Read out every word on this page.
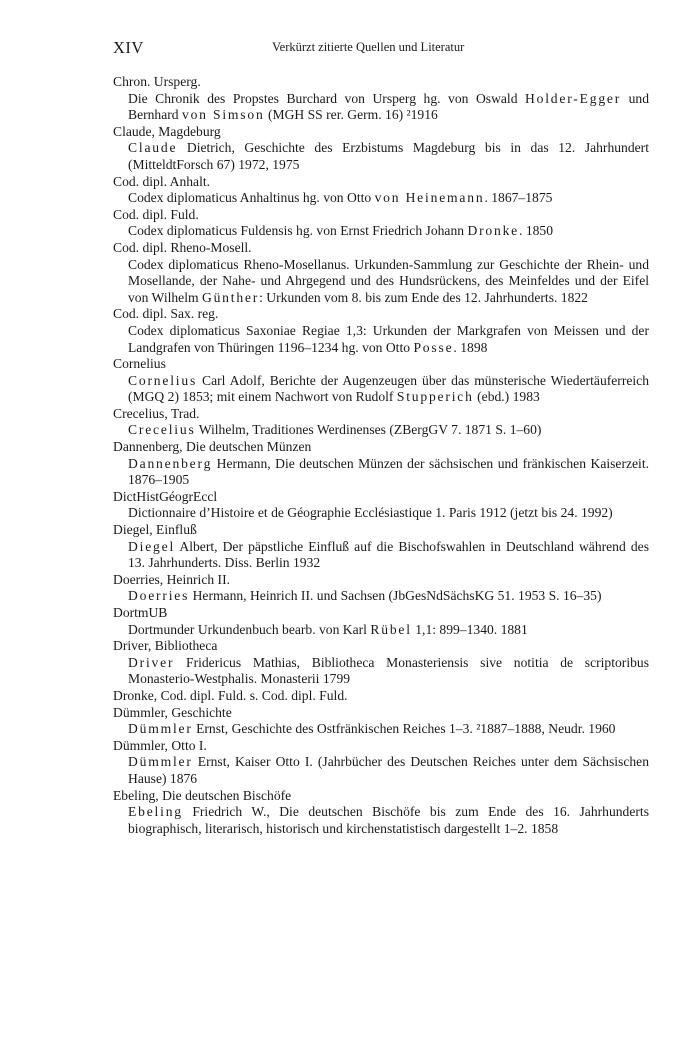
XIV	Verkürzt zitierte Quellen und Literatur
Chron. Ursperg.
Die Chronik des Propstes Burchard von Ursperg hg. von Oswald Holder-Egger und Bernhard von Simson (MGH SS rer. Germ. 16) ²1916
Claude, Magdeburg
Claude Dietrich, Geschichte des Erzbistums Magdeburg bis in das 12. Jahrhundert (MitteldtForsch 67) 1972, 1975
Cod. dipl. Anhalt.
Codex diplomaticus Anhaltinus hg. von Otto von Heinemann. 1867–1875
Cod. dipl. Fuld.
Codex diplomaticus Fuldensis hg. von Ernst Friedrich Johann Dronke. 1850
Cod. dipl. Rheno-Mosell.
Codex diplomaticus Rheno-Mosellanus. Urkunden-Sammlung zur Geschichte der Rhein- und Mosellande, der Nahe- und Ahrgegend und des Hundsrückens, des Meinfeldes und der Eifel von Wilhelm Günther: Urkunden vom 8. bis zum Ende des 12. Jahrhunderts. 1822
Cod. dipl. Sax. reg.
Codex diplomaticus Saxoniae Regiae 1,3: Urkunden der Markgrafen von Meissen und der Landgrafen von Thüringen 1196–1234 hg. von Otto Posse. 1898
Cornelius
Cornelius Carl Adolf, Berichte der Augenzeugen über das münsterische Wiedertäuferreich (MGQ 2) 1853; mit einem Nachwort von Rudolf Stupperich (ebd.) 1983
Crecelius, Trad.
Crecelius Wilhelm, Traditiones Werdinenses (ZBergGV 7. 1871 S. 1–60)
Dannenberg, Die deutschen Münzen
Dannenberg Hermann, Die deutschen Münzen der sächsischen und fränkischen Kaiserzeit. 1876–1905
DictHistGéogrEccl
Dictionnaire d’Histoire et de Géographie Ecclésiastique 1. Paris 1912 (jetzt bis 24. 1992)
Diegel, Einfluß
Diegel Albert, Der päpstliche Einfluß auf die Bischofswahlen in Deutschland während des 13. Jahrhunderts. Diss. Berlin 1932
Doerries, Heinrich II.
Doerries Hermann, Heinrich II. und Sachsen (JbGesNdSächsKG 51. 1953 S. 16–35)
DortmUB
Dortmunder Urkundenbuch bearb. von Karl Rübel 1,1: 899–1340. 1881
Driver, Bibliotheca
Driver Fridericus Mathias, Bibliotheca Monasteriensis sive notitia de scriptoribus Monasterio-Westphalis. Monasterii 1799
Dronke, Cod. dipl. Fuld. s. Cod. dipl. Fuld.
Dümmler, Geschichte
Dümmler Ernst, Geschichte des Ostfränkischen Reiches 1–3. ²1887–1888, Neudr. 1960
Dümmler, Otto I.
Dümmler Ernst, Kaiser Otto I. (Jahrbücher des Deutschen Reiches unter dem Sächsischen Hause) 1876
Ebeling, Die deutschen Bischöfe
Ebeling Friedrich W., Die deutschen Bischöfe bis zum Ende des 16. Jahrhunderts biographisch, literarisch, historisch und kirchenstatistisch dargestellt 1–2. 1858
